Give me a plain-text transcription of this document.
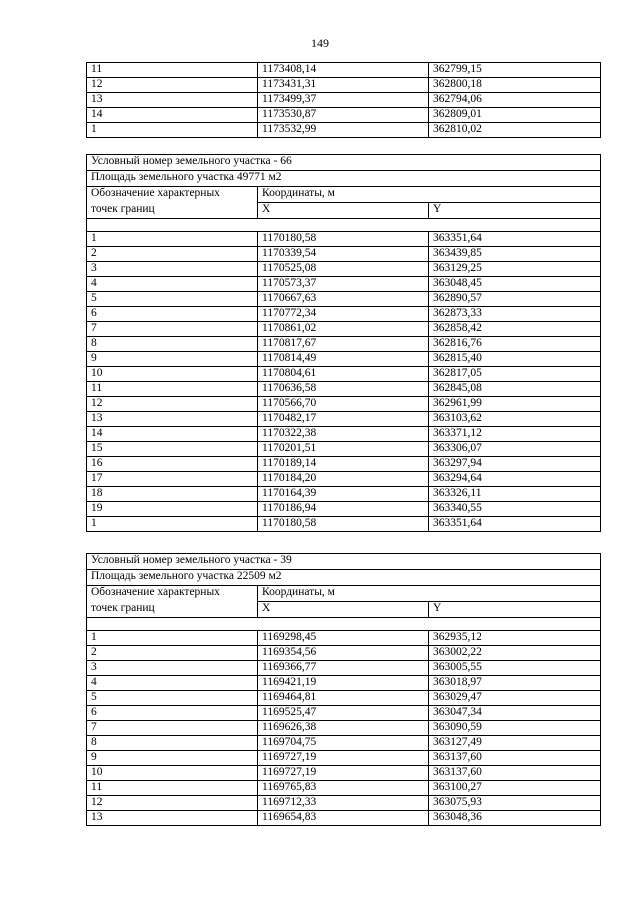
149
11	1173408,14	362799,15
12	1173431,31	362800,18
13	1173499,37	362794,06
14	1173530,87	362809,01
1	1173532,99	362810,02
Условный номер земельного участка - 66		
Площадь земельного участка 49771 м2		
Обозначение характерных	Координаты, м	
точек границ	X	Y

1	1170180,58	363351,64
2	1170339,54	363439,85
3	1170525,08	363129,25
4	1170573,37	363048,45
5	1170667,63	362890,57
6	1170772,34	362873,33
7	1170861,02	362858,42
8	1170817,67	362816,76
9	1170814,49	362815,40
10	1170804,61	362817,05
11	1170636,58	362845,08
12	1170566,70	362961,99
13	1170482,17	363103,62
14	1170322,38	363371,12
15	1170201,51	363306,07
16	1170189,14	363297,94
17	1170184,20	363294,64
18	1170164,39	363326,11
19	1170186,94	363340,55
1	1170180,58	363351,64
Условный номер земельного участка - 39		
Площадь земельного участка 22509 м2		
Обозначение характерных	Координаты, м	
точек границ	X	Y

1	1169298,45	362935,12
2	1169354,56	363002,22
3	1169366,77	363005,55
4	1169421,19	363018,97
5	1169464,81	363029,47
6	1169525,47	363047,34
7	1169626,38	363090,59
8	1169704,75	363127,49
9	1169727,19	363137,60
10	1169727,19	363137,60
11	1169765,83	363100,27
12	1169712,33	363075,93
13	1169654,83	363048,36
